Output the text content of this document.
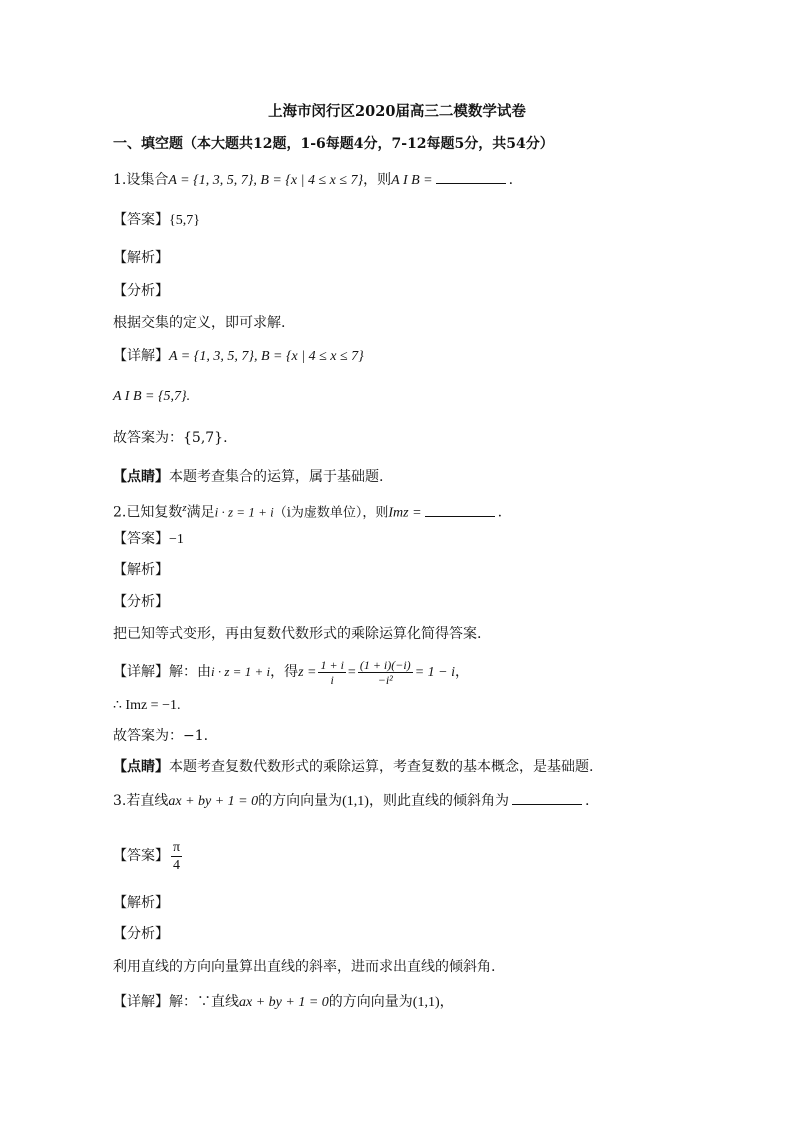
上海市闵行区2020届高三二模数学试卷
一、填空题（本大题共12题，1-6每题4分，7-12每题5分，共54分）
1.设集合A = {1, 3, 5, 7}, B = {x | 4 ≤ x ≤ 7}，则A I B =	.
【答案】{5,7}
【解析】
【分析】
根据交集的定义，即可求解.
【详解】A = {1, 3, 5, 7}, B = {x | 4 ≤ x ≤ 7}
A I B = {5,7}.
故答案为：{5,7}.
【点睛】本题考查集合的运算，属于基础题.
2.已知复数$^z$满足i · z = 1 + i（i为虚数单位），则Imz =	.
【答案】−1
【解析】
【分析】
把已知等式变形，再由复数代数形式的乘除运算化简得答案.
【详解】解：由i · z = 1 + i，得$z = \frac{1 + i}{i} = \frac{(1 + i)(-i)}{\text{−i²}} = 1 - i$，
∴ Imz = −1.
故答案为：−1.
【点睛】本题考查复数代数形式的乘除运算，考查复数的基本概念，是基础题.
3.若直线ax + by + 1 = 0的方向向量为(1,1)，则此直线的倾斜角为	.
【答案】 $\frac{\pi}{4}$
【解析】
【分析】
利用直线的方向向量算出直线的斜率，进而求出直线的倾斜角.
【详解】解：∵直线ax + by + 1 = 0的方向向量为(1,1)，
